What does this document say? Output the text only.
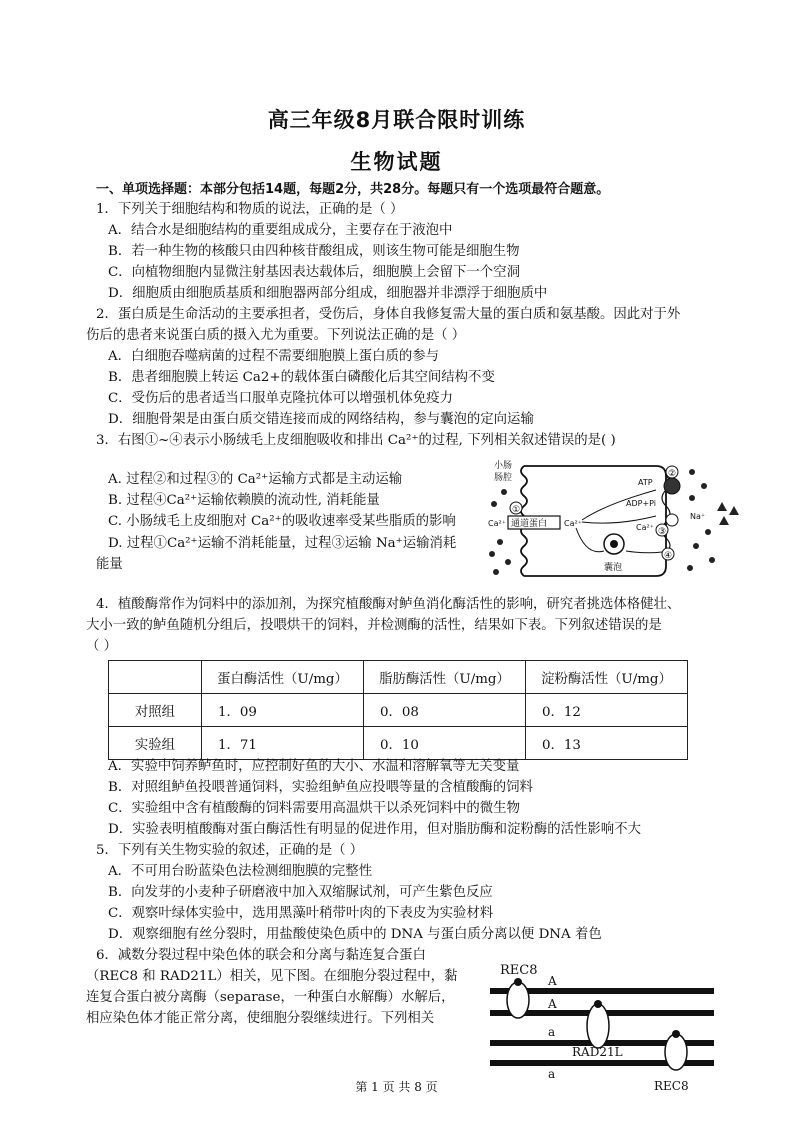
高三年级8月联合限时训练
生物试题
一、单项选择题：本部分包括14题，每题2分，共28分。每题只有一个选项最符合题意。
1．下列关于细胞结构和物质的说法，正确的是（ ）
A．结合水是细胞结构的重要组成成分，主要存在于液泡中
B．若一种生物的核酸只由四种核苷酸组成，则该生物可能是细胞生物
C．向植物细胞内显微注射基因表达载体后，细胞膜上会留下一个空洞
D．细胞质由细胞质基质和细胞器两部分组成，细胞器并非漂浮于细胞质中
2．蛋白质是生命活动的主要承担者，受伤后，身体自我修复需大量的蛋白质和氨基酸。因此对于外
伤后的患者来说蛋白质的摄入尤为重要。下列说法正确的是（ ）
A．白细胞吞噬病菌的过程不需要细胞膜上蛋白质的参与
B．患者细胞膜上转运 Ca2+的载体蛋白磷酸化后其空间结构不变
C．受伤后的患者适当口服单克隆抗体可以增强机体免疫力
D．细胞骨架是由蛋白质交错连接而成的网络结构，参与囊泡的定向运输
3．右图①~④表示小肠绒毛上皮细胞吸收和排出 Ca²⁺的过程, 下列相关叙述错误的是( )
A. 过程②和过程③的 Ca²⁺运输方式都是主动运输
B. 过程④Ca²⁺运输依赖膜的流动性, 消耗能量
C. 小肠绒毛上皮细胞对 Ca²⁺的吸收速率受某些脂质的影响
D. 过程①Ca²⁺运输不消耗能量，过程③运输 Na⁺运输消耗
能量
小肠
肠腔
通道蛋白
Ca²⁺	Ca²⁺
①
ATP
ADP+Pi
Ca²⁺
Na⁺
②
③
④
囊泡
4．植酸酶常作为饲料中的添加剂，为探究植酸酶对鲈鱼消化酶活性的影响，研究者挑选体格健壮、
大小一致的鲈鱼随机分组后，投喂烘干的饲料，并检测酶的活性，结果如下表。下列叙述错误的是
（ ）
	蛋白酶活性（U/mg）	脂肪酶活性（U/mg）	淀粉酶活性（U/mg）
对照组	1．09	0．08	0．12
实验组	1．71	0．10	0．13
A．实验中饲养鲈鱼时，应控制好鱼的大小、水温和溶解氧等无关变量
B．对照组鲈鱼投喂普通饲料，实验组鲈鱼应投喂等量的含植酸酶的饲料
C．实验组中含有植酸酶的饲料需要用高温烘干以杀死饲料中的微生物
D．实验表明植酸酶对蛋白酶活性有明显的促进作用，但对脂肪酶和淀粉酶的活性影响不大
5．下列有关生物实验的叙述，正确的是（ ）
A．不可用台盼蓝染色法检测细胞膜的完整性
B．向发芽的小麦种子研磨液中加入双缩脲试剂，可产生紫色反应
C．观察叶绿体实验中，选用黑藻叶稍带叶肉的下表皮为实验材料
D．观察细胞有丝分裂时，用盐酸使染色质中的 DNA 与蛋白质分离以便 DNA 着色
6．减数分裂过程中染色体的联会和分离与黏连复合蛋白
（REC8 和 RAD21L）相关，见下图。在细胞分裂过程中，黏
连复合蛋白被分离酶（separase，一种蛋白水解酶）水解后，
相应染色体才能正常分离，使细胞分裂继续进行。下列相关
REC8
A
A
a
a
RAD21L
REC8
第 1 页 共 8 页
